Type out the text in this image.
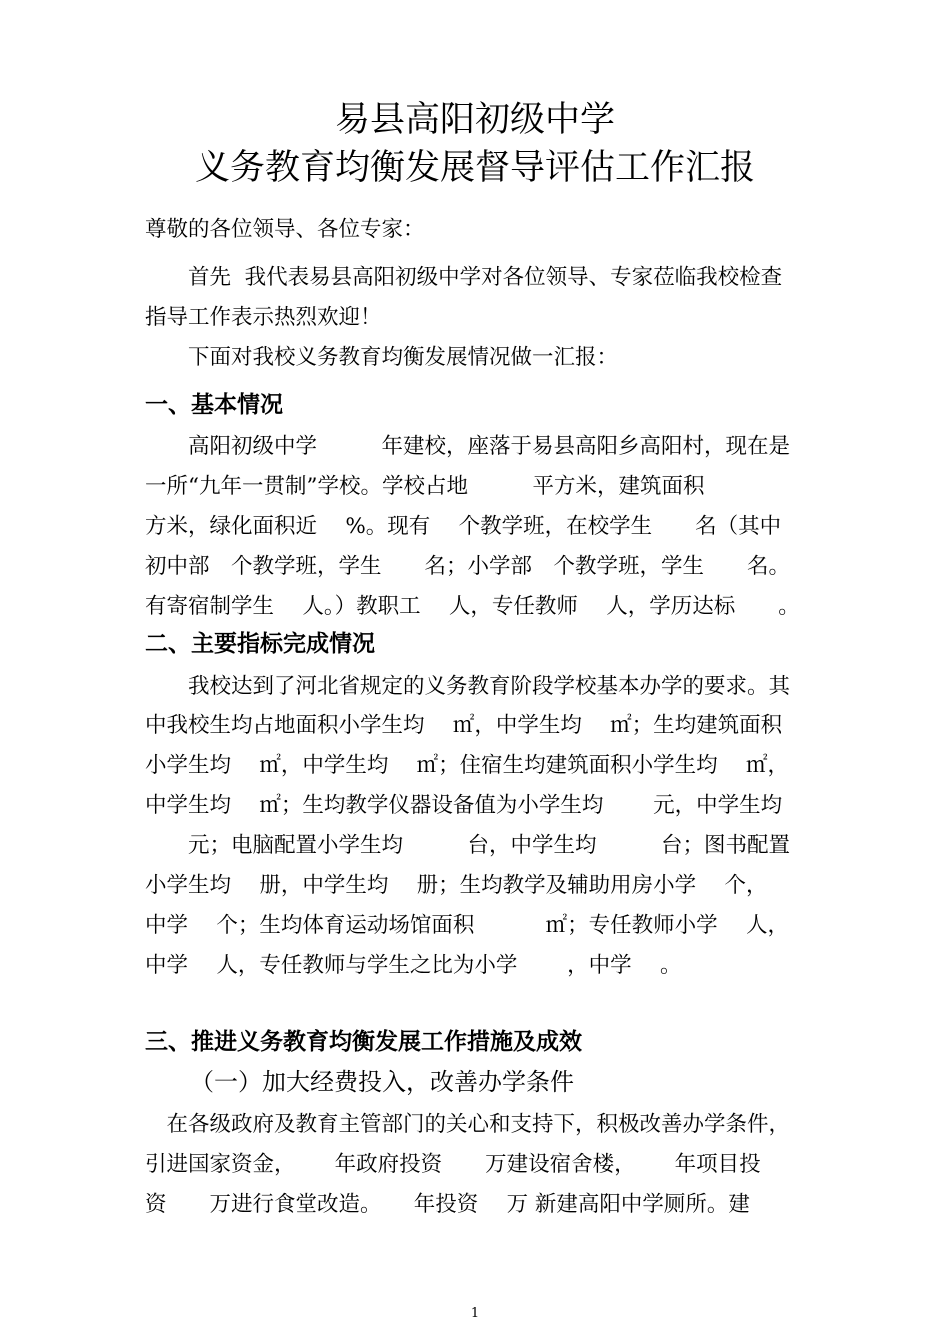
易县高阳初级中学
义务教育均衡发展督导评估工作汇报
尊敬的各位领导、各位专家：
　　首先  我代表易县高阳初级中学对各位领导、专家莅临我校检查
指导工作表示热烈欢迎！
　　下面对我校义务教育均衡发展情况做一汇报：
一、基本情况
　　高阳初级中学　　　年建校，座落于易县高阳乡高阳村，现在是
一所“九年一贯制”学校。学校占地　　　平方米，建筑面积
方米，绿化面积近　 %。现有　 个教学班，在校学生　　名（其中
初中部　个教学班，学生　　名；小学部　个教学班，学生　　名。
有寄宿制学生　 人。）教职工　 人，专任教师　 人，学历达标　　。
二、主要指标完成情况
　　我校达到了河北省规定的义务教育阶段学校基本办学的要求。其
中我校生均占地面积小学生均　 ㎡，中学生均　 ㎡；生均建筑面积
小学生均　 ㎡，中学生均　 ㎡；住宿生均建筑面积小学生均　 ㎡，
中学生均　 ㎡；生均教学仪器设备值为小学生均　　 元，中学生均
　　元；电脑配置小学生均　　　台，中学生均　　　台；图书配置
小学生均　 册，中学生均　 册；生均教学及辅助用房小学　 个，
中学　 个；生均体育运动场馆面积　　　 ㎡；专任教师小学　 人，
中学　 人，专任教师与学生之比为小学　　 ，中学　 。
三、推进义务教育均衡发展工作措施及成效
（一）加大经费投入，改善办学条件
　在各级政府及教育主管部门的关心和支持下，积极改善办学条件，
引进国家资金，　　 年政府投资　　万建设宿舍楼，　　 年项目投
资　　万进行食堂改造。　　年投资　 万 新建高阳中学厕所。建
1
